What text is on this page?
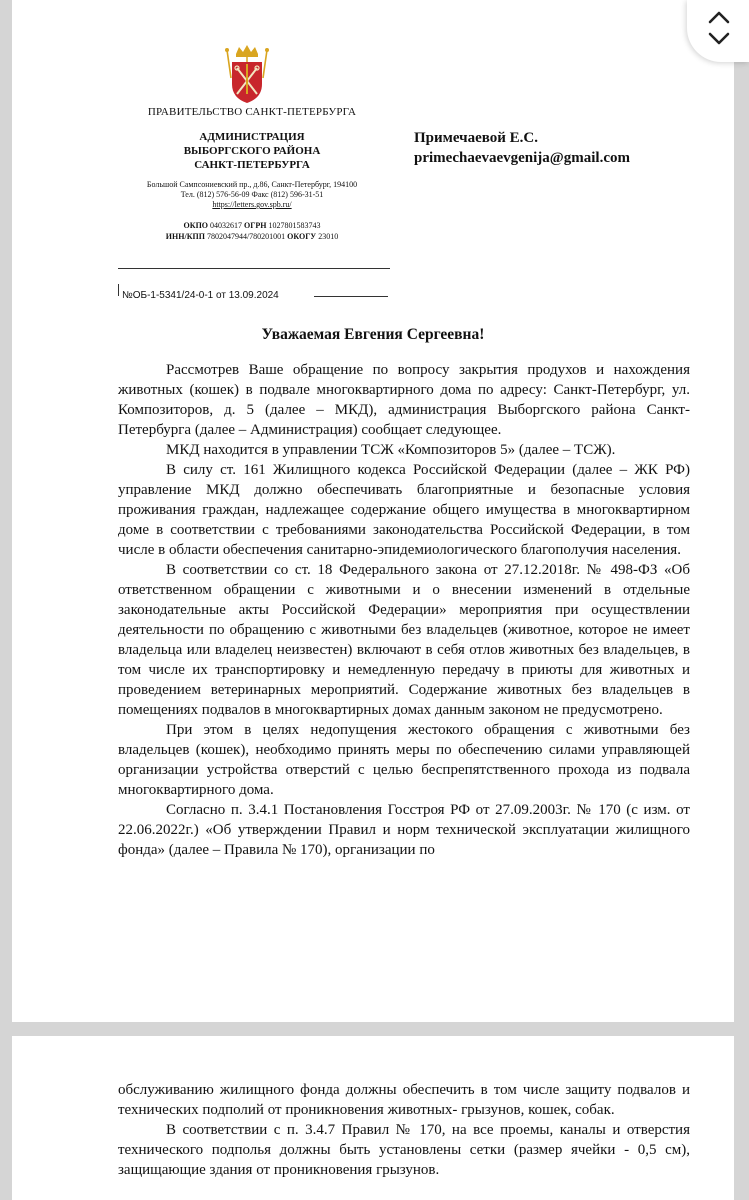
ПРАВИТЕЛЬСТВО САНКТ-ПЕТЕРБУРГА
АДМИНИСТРАЦИЯ
ВЫБОРГСКОГО РАЙОНА
САНКТ-ПЕТЕРБУРГА
Большой Сампсониевский пр., д.86, Санкт-Петербург, 194100
Тел. (812) 576-56-09 Факс (812) 596-31-51
https://letters.gov.spb.ru/
ОКПО 04032617 ОГРН 1027801583743
ИНН/КПП 7802047944/780201001 ОКОГУ 23010
№ОБ-1-5341/24-0-1 от 13.09.2024
Примечаевой Е.С.
primechaevaevgenija@gmail.com
Уважаемая Евгения Сергеевна!

Рассмотрев Ваше обращение по вопросу закрытия продухов и нахождения животных (кошек) в подвале многоквартирного дома по адресу: Санкт-Петербург, ул. Композиторов, д. 5 (далее – МКД), администрация Выборгского района Санкт-Петербурга (далее – Администрация) сообщает следующее.

МКД находится в управлении ТСЖ «Композиторов 5» (далее – ТСЖ).

В силу ст. 161 Жилищного кодекса Российской Федерации (далее – ЖК РФ) управление МКД должно обеспечивать благоприятные и безопасные условия проживания граждан, надлежащее содержание общего имущества в многоквартирном доме в соответствии с требованиями законодательства Российской Федерации, в том числе в области обеспечения санитарно-эпидемиологического благополучия населения.

В соответствии со ст. 18 Федерального закона от 27.12.2018г. № 498-ФЗ «Об ответственном обращении с животными и о внесении изменений в отдельные законодательные акты Российской Федерации» мероприятия при осуществлении деятельности по обращению с животными без владельцев (животное, которое не имеет владельца или владелец неизвестен) включают в себя отлов животных без владельцев, в том числе их транспортировку и немедленную передачу в приюты для животных и проведением ветеринарных мероприятий. Содержание животных без владельцев в помещениях подвалов в многоквартирных домах данным законом не предусмотрено.

При этом в целях недопущения жестокого обращения с животными без владельцев (кошек), необходимо принять меры по обеспечению силами управляющей организации устройства отверстий с целью беспрепятственного прохода из подвала многоквартирного дома.

Согласно п. 3.4.1 Постановления Госстроя РФ от 27.09.2003г. № 170 (с изм. от 22.06.2022г.) «Об утверждении Правил и норм технической эксплуатации жилищного фонда» (далее – Правила № 170), организации по

обслуживанию жилищного фонда должны обеспечить в том числе защиту подвалов и технических подполий от проникновения животных- грызунов, кошек, собак.

В соответствии с п. 3.4.7 Правил № 170, на все проемы, каналы и отверстия технического подполья должны быть установлены сетки (размер ячейки - 0,5 см), защищающие здания от проникновения грызунов.
